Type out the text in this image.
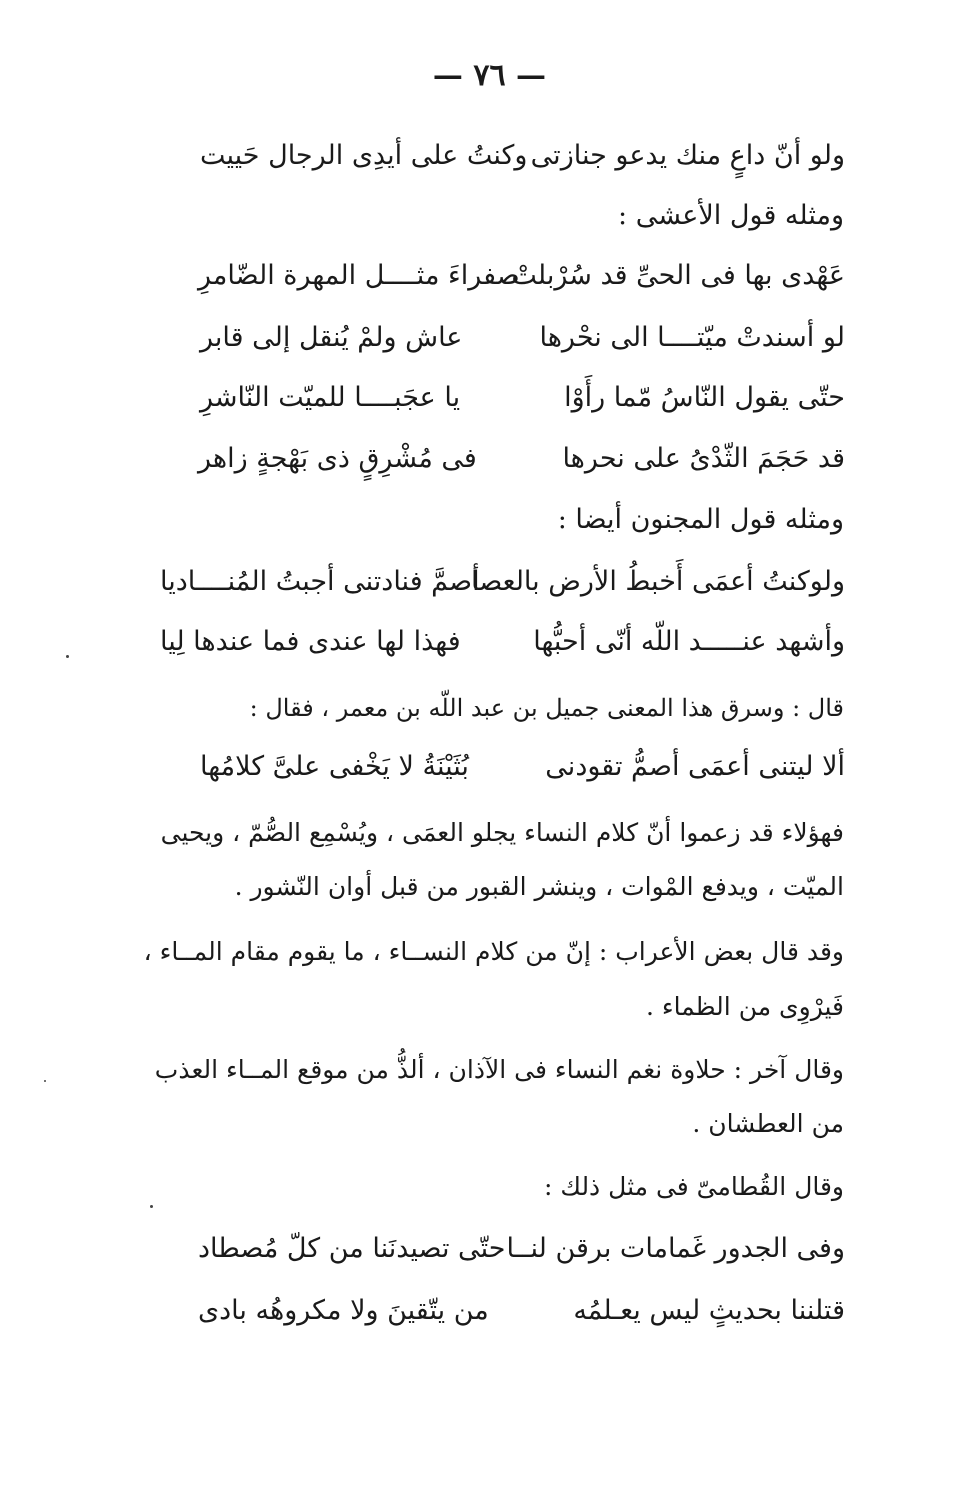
— ٧٦ —
ولو أنّ داعٍ منك يدعو جنازتى
وكنتُ على أيدِى الرجال حَييت
ومثله قول الأعشى :
عَهْدى بها فى الحىِّ قد سُرْبلتْ
صفراءَ مثــــل المهرة الضّامرِ
لو أسندتْ ميّتــــا الى نحْرها
عاش ولمْ يُنقل إلى قابر
حتّى يقول النّاسُ مّما رأَوْا
يا عجَبــــا للميّت النّاشرِ
قد حَجَمَ الثّدْىُ على نحرها
فى مُشْرِقٍ ذى بَهْجةٍ زاهر
ومثله قول المجنون أيضا :
ولوكنتُ أعمَى أَخبطُ الأرض بالعصا
أصمَّ فنادتنى أجبتُ المُنــــاديا
وأشهد عنـــــد اللّه أنّى أحبُّها
فهذا لها عندى فما عندها لِيا
قال : وسرق هذا المعنى جميل بن عبد اللّه بن معمر ، فقال :
ألا ليتنى أعمَى أصمُّ تقودنى
بُثَيْنَةُ لا يَخْفى علىَّ كلامُها
فهؤلاء قد زعموا أنّ كلام النساء يجلو العمَى ، ويُسْمِع الصُّمّ ، ويحيى
الميّت ، ويدفع المْوات ، وينشر القبور من قبل أوان النّشور .
وقد قال بعض الأعراب : إنّ من كلام النســاء ، ما يقوم مقام المــاء ،
فَيرْوِى من الظماء .
وقال آخر : حلاوة نغم النساء فى الآذان ، ألذُّ من موقع المــاء العذب
من العطشان .
وقال القُطامىّ فى مثل ذلك :
وفى الجدور غَمامات برقن لنــا
حتّى تصيدنَنا من كلّ مُصطاد
قتلننا بحديثٍ ليس يعـلمُه
من يتّقينَ ولا مكروهُه بادى
